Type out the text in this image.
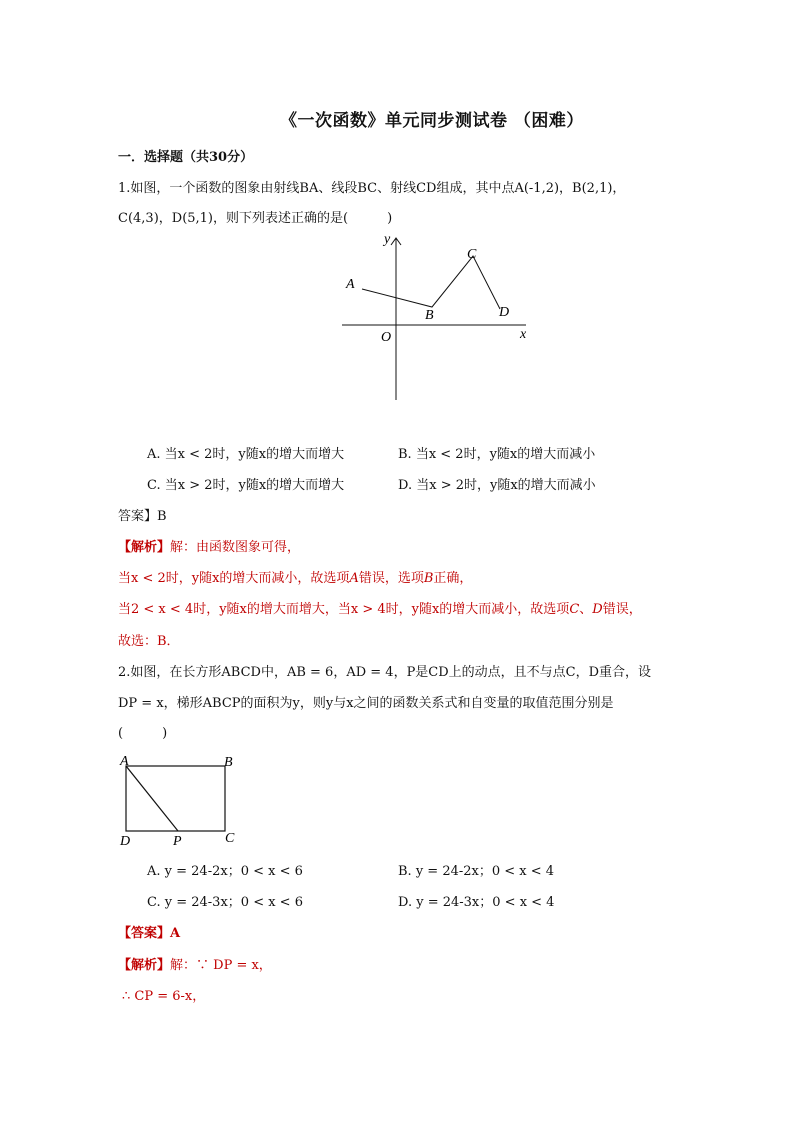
《一次函数》单元同步测试卷 （困难）
一．选择题（共30分）
1.如图，一个函数的图象由射线BA、线段BC、射线CD组成，其中点A(-1,2)，B(2,1)，
C(4,3)，D(5,1)，则下列表述正确的是(　　　)
y
x
O
A
B
C
D
A. 当x < 2时，y随x的增大而增大	B. 当x < 2时，y随x的增大而减小
C. 当x > 2时，y随x的增大而增大	D. 当x > 2时，y随x的增大而减小
答案】B
【解析】解：由函数图象可得，
当x < 2时，y随x的增大而减小，故选项A错误，选项B正确，
当2 < x < 4时，y随x的增大而增大，当x > 4时，y随x的增大而减小，故选项C、D错误，
故选：B．
2.如图，在长方形ABCD中，AB = 6，AD = 4，P是CD上的动点，且不与点C，D重合，设
DP = x，梯形ABCP的面积为y，则y与x之间的函数关系式和自变量的取值范围分别是
(　　　)
A	B
C
D	P
A. y = 24-2x；0 < x < 6	B. y = 24-2x；0 < x < 4
C. y = 24-3x；0 < x < 6	D. y = 24-3x；0 < x < 4
【答案】A
【解析】解：∵ DP = x，
∴ CP = 6-x，
